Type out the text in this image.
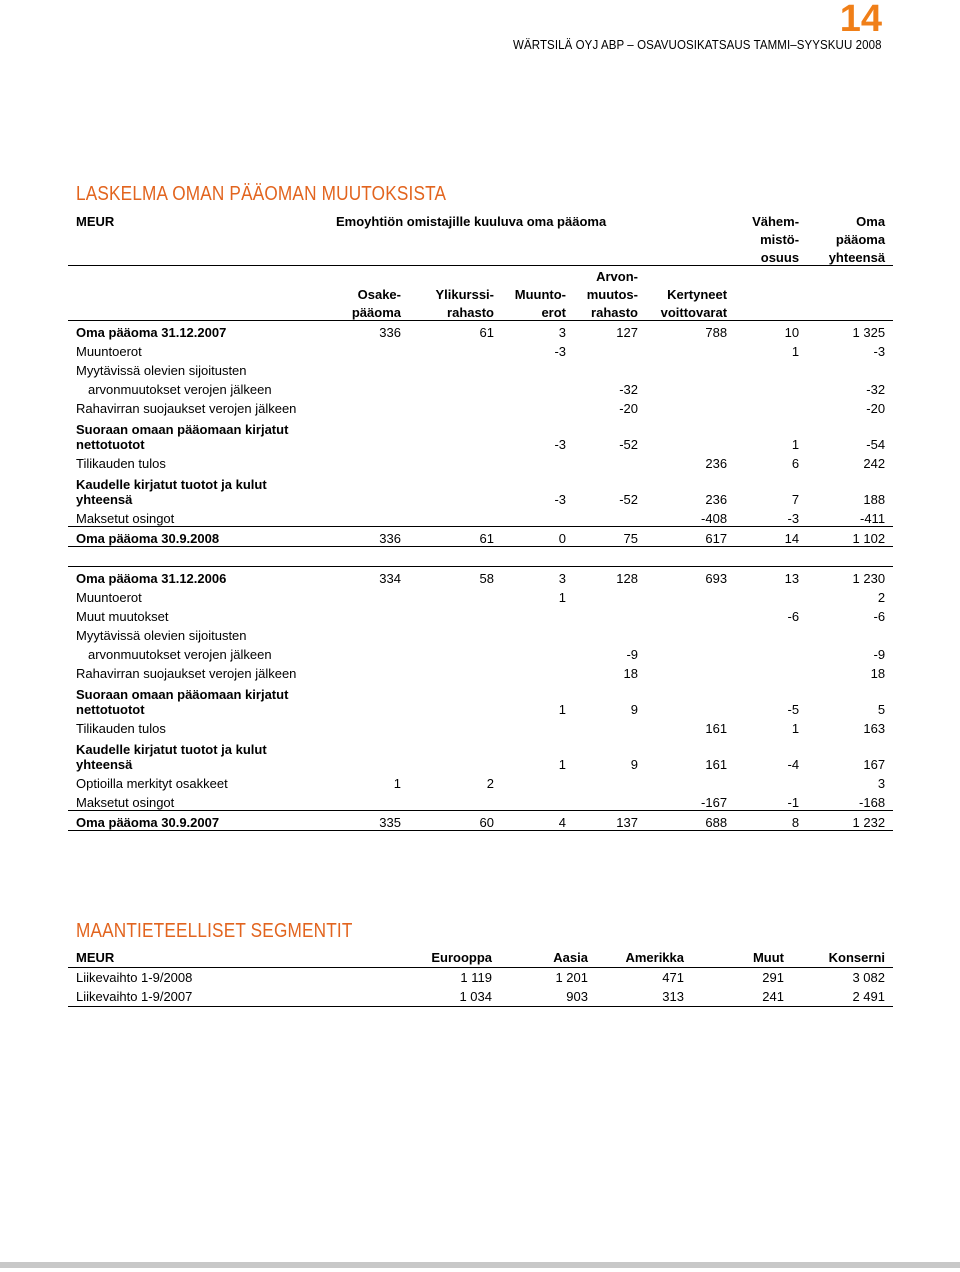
14
WÄRTSILÄ OYJ ABP – OSAVUOSIKATSAUS TAMMI–SYYSKUU 2008
LASKELMA OMAN PÄÄOMAN MUUTOKSISTA
MEUR	Emoyhtiön omistajille kuuluva oma pääoma					Vähem-	Oma
						mistö-	pääoma
						osuus	yhteensä
				Arvon-			
	Osake-	Ylikurssi-	Muunto-	muutos-	Kertyneet		
	pääoma	rahasto	erot	rahasto	voittovarat		
Oma pääoma 31.12.2007	336	61	3	127	788	10	1 325
Muuntoerot			-3			1	-3
Myytävissä olevien sijoitusten							
arvonmuutokset verojen jälkeen				-32			-32
Rahavirran suojaukset verojen jälkeen				-20			-20

Suoraan omaan pääomaan kirjatut
nettotuotot			-3	-52		1	-54
Tilikauden tulos					236	6	242

Kaudelle kirjatut tuotot ja kulut
yhteensä			-3	-52	236	7	188
Maksetut osingot					-408	-3	-411
Oma pääoma 30.9.2008	336	61	0	75	617	14	1 102

Oma pääoma 31.12.2006	334	58	3	128	693	13	1 230
Muuntoerot			1				2
Muut muutokset						-6	-6
Myytävissä olevien sijoitusten							
arvonmuutokset verojen jälkeen				-9			-9
Rahavirran suojaukset verojen jälkeen				18			18

Suoraan omaan pääomaan kirjatut
nettotuotot			1	9		-5	5
Tilikauden tulos					161	1	163

Kaudelle kirjatut tuotot ja kulut
yhteensä			1	9	161	-4	167
Optioilla merkityt osakkeet	1	2					3
Maksetut osingot					-167	-1	-168
Oma pääoma 30.9.2007	335	60	4	137	688	8	1 232
MAANTIETEELLISET SEGMENTIT
MEUR	Eurooppa	Aasia	Amerikka	Muut	Konserni
Liikevaihto 1-9/2008	1 119	1 201	471	291	3 082
Liikevaihto 1-9/2007	1 034	903	313	241	2 491
